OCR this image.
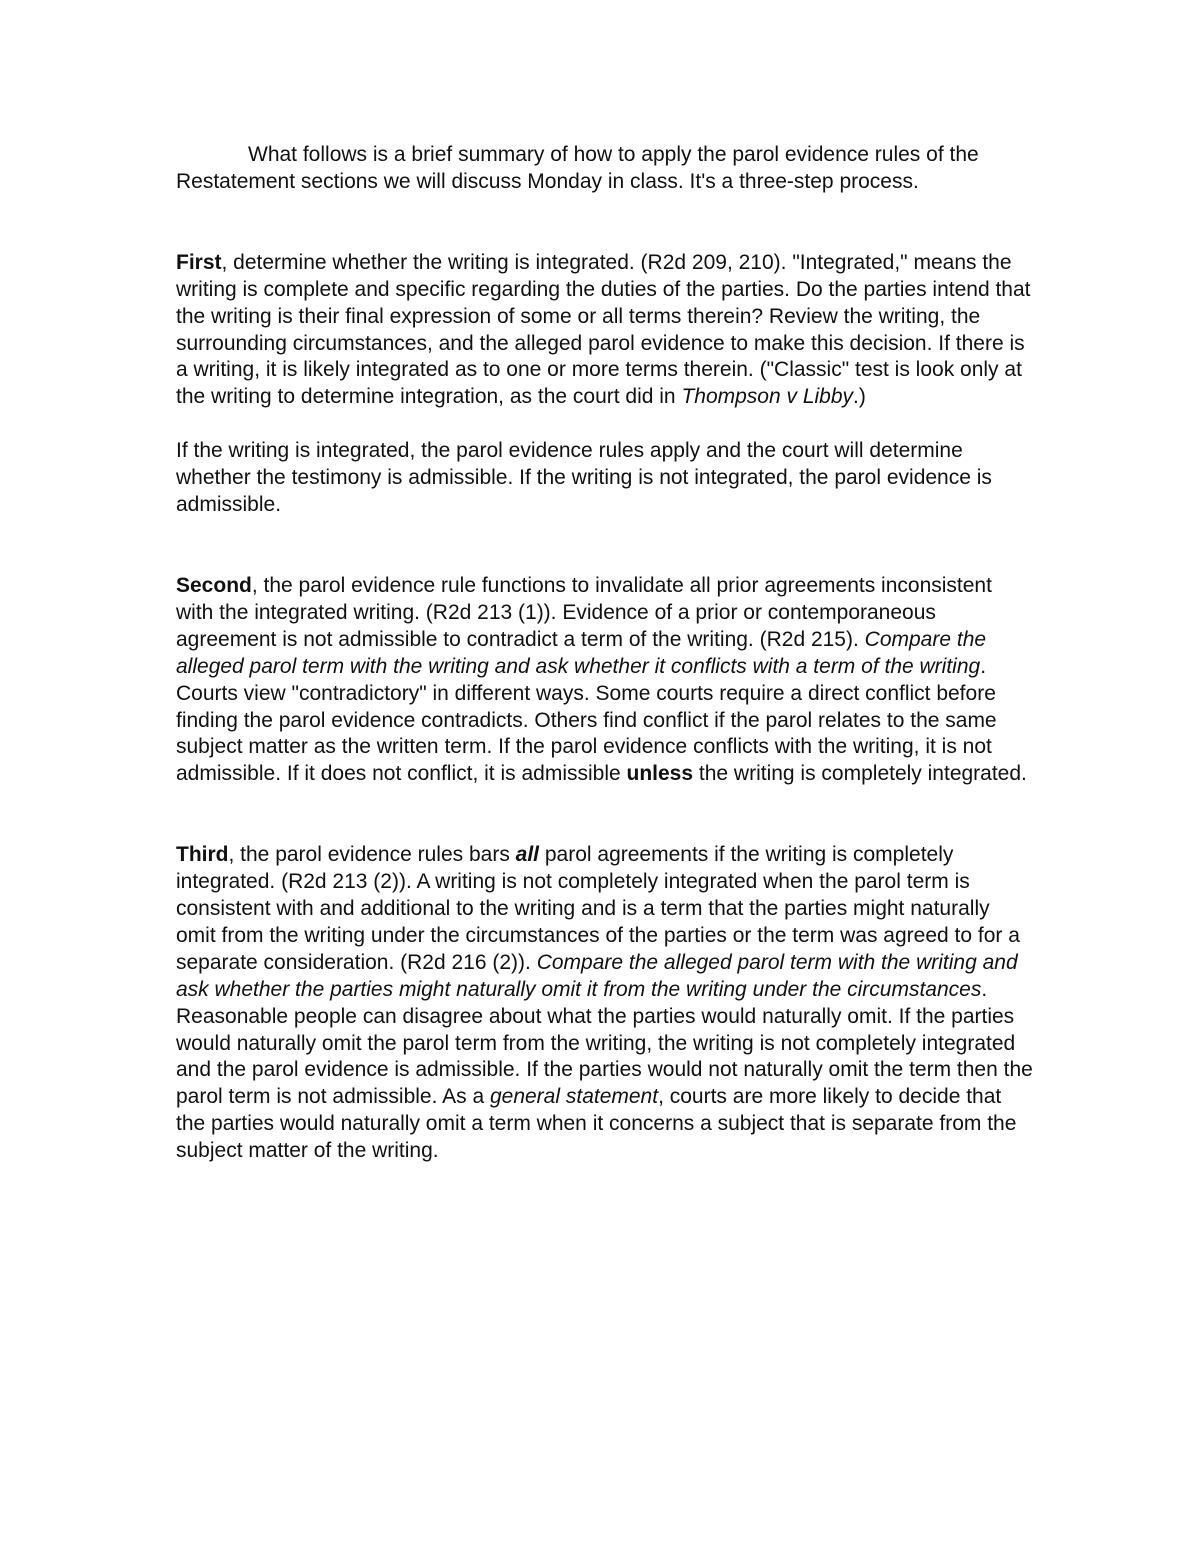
What follows is a brief summary of how to apply the parol evidence rules of the Restatement sections we will discuss Monday in class. It's a three-step process.

First, determine whether the writing is integrated. (R2d 209, 210). "Integrated," means the writing is complete and specific regarding the duties of the parties. Do the parties intend that the writing is their final expression of some or all terms therein? Review the writing, the surrounding circumstances, and the alleged parol evidence to make this decision. If there is a writing, it is likely integrated as to one or more terms therein. ("Classic" test is look only at the writing to determine integration, as the court did in Thompson v Libby.)

If the writing is integrated, the parol evidence rules apply and the court will determine whether the testimony is admissible. If the writing is not integrated, the parol evidence is admissible.

Second, the parol evidence rule functions to invalidate all prior agreements inconsistent with the integrated writing. (R2d 213 (1)). Evidence of a prior or contemporaneous agreement is not admissible to contradict a term of the writing. (R2d 215). Compare the alleged parol term with the writing and ask whether it conflicts with a term of the writing. Courts view "contradictory" in different ways. Some courts require a direct conflict before finding the parol evidence contradicts. Others find conflict if the parol relates to the same subject matter as the written term. If the parol evidence conflicts with the writing, it is not admissible. If it does not conflict, it is admissible unless the writing is completely integrated.

Third, the parol evidence rules bars all parol agreements if the writing is completely integrated. (R2d 213 (2)). A writing is not completely integrated when the parol term is consistent with and additional to the writing and is a term that the parties might naturally omit from the writing under the circumstances of the parties or the term was agreed to for a separate consideration. (R2d 216 (2)). Compare the alleged parol term with the writing and ask whether the parties might naturally omit it from the writing under the circumstances. Reasonable people can disagree about what the parties would naturally omit. If the parties would naturally omit the parol term from the writing, the writing is not completely integrated and the parol evidence is admissible. If the parties would not naturally omit the term then the parol term is not admissible. As a general statement, courts are more likely to decide that the parties would naturally omit a term when it concerns a subject that is separate from the subject matter of the writing.
